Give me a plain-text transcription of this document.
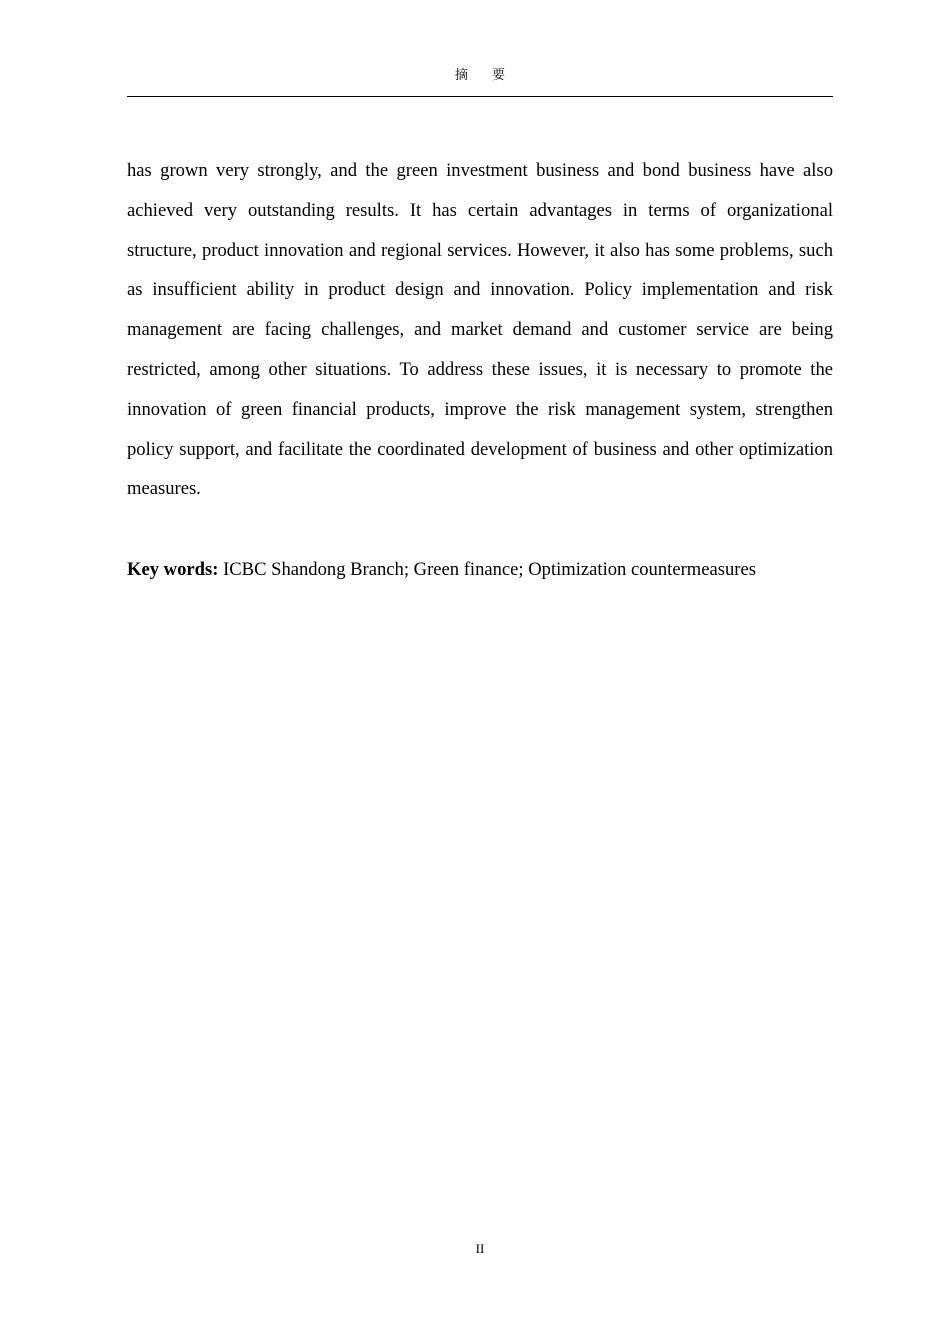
摘 要

has grown very strongly, and the green investment business and bond business have also achieved very outstanding results. It has certain advantages in terms of organizational structure, product innovation and regional services. However, it also has some problems, such as insufficient ability in product design and innovation. Policy implementation and risk management are facing challenges, and market demand and customer service are being restricted, among other situations. To address these issues, it is necessary to promote the innovation of green financial products, improve the risk management system, strengthen policy support, and facilitate the coordinated development of business and other optimization measures.

Key words: ICBC Shandong Branch; Green finance; Optimization countermeasures

II
